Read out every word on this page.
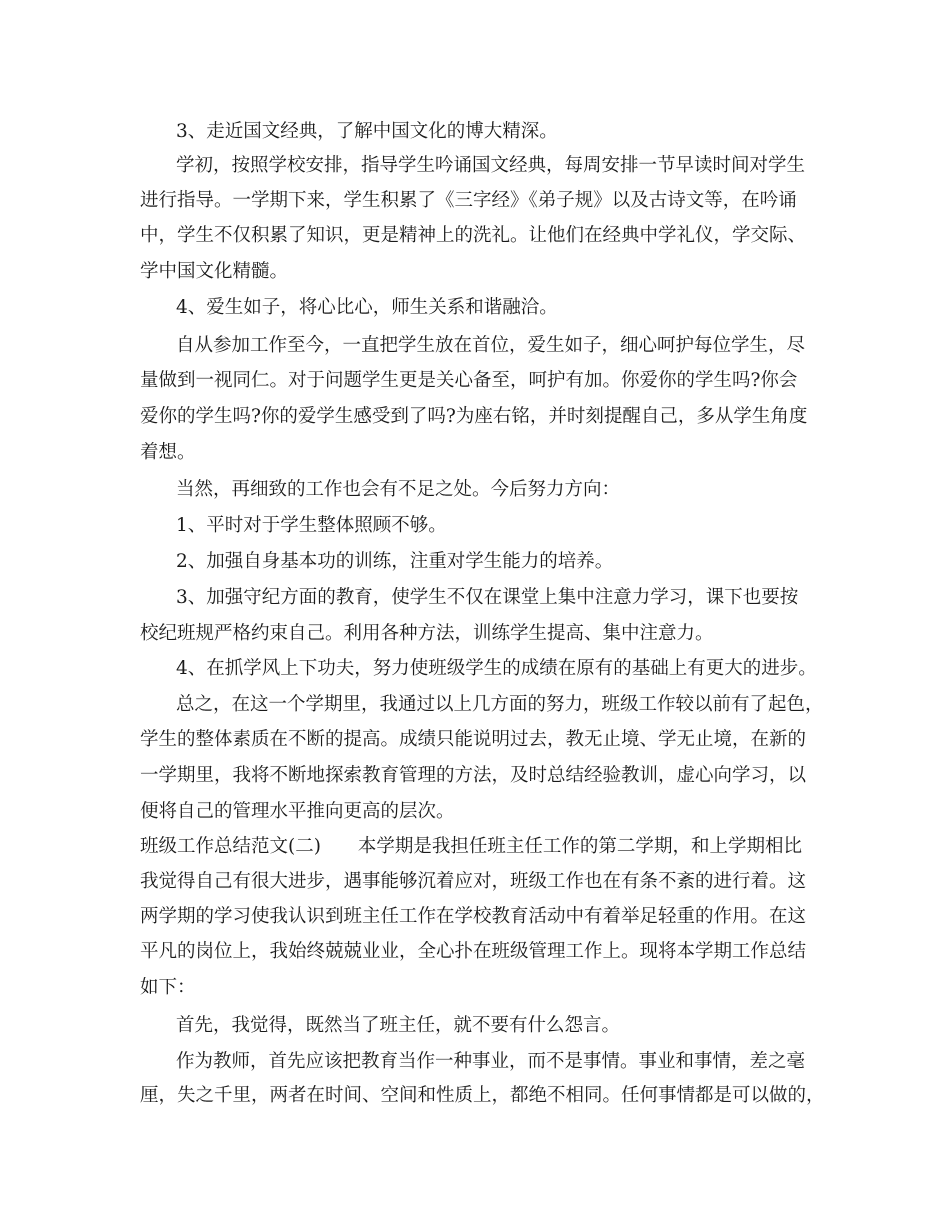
3、走近国文经典，了解中国文化的博大精深。
学初，按照学校安排，指导学生吟诵国文经典，每周安排一节早读时间对学生
进行指导。一学期下来，学生积累了《三字经》《弟子规》以及古诗文等，在吟诵
中，学生不仅积累了知识，更是精神上的洗礼。让他们在经典中学礼仪，学交际、
学中国文化精髓。
4、爱生如子，将心比心，师生关系和谐融洽。
自从参加工作至今，一直把学生放在首位，爱生如子，细心呵护每位学生，尽
量做到一视同仁。对于问题学生更是关心备至，呵护有加。你爱你的学生吗?你会
爱你的学生吗?你的爱学生感受到了吗?为座右铭，并时刻提醒自己，多从学生角度
着想。
当然，再细致的工作也会有不足之处。今后努力方向：
1、平时对于学生整体照顾不够。
2、加强自身基本功的训练，注重对学生能力的培养。
3、加强守纪方面的教育，使学生不仅在课堂上集中注意力学习，课下也要按
校纪班规严格约束自己。利用各种方法，训练学生提高、集中注意力。
4、在抓学风上下功夫，努力使班级学生的成绩在原有的基础上有更大的进步。
总之，在这一个学期里，我通过以上几方面的努力，班级工作较以前有了起色，
学生的整体素质在不断的提高。成绩只能说明过去，教无止境、学无止境，在新的
一学期里，我将不断地探索教育管理的方法，及时总结经验教训，虚心向学习，以
便将自己的管理水平推向更高的层次。
班级工作总结范文(二)　　本学期是我担任班主任工作的第二学期，和上学期相比
我觉得自己有很大进步，遇事能够沉着应对，班级工作也在有条不紊的进行着。这
两学期的学习使我认识到班主任工作在学校教育活动中有着举足轻重的作用。在这
平凡的岗位上，我始终兢兢业业，全心扑在班级管理工作上。现将本学期工作总结
如下：
首先，我觉得，既然当了班主任，就不要有什么怨言。
作为教师，首先应该把教育当作一种事业，而不是事情。事业和事情，差之毫
厘，失之千里，两者在时间、空间和性质上，都绝不相同。任何事情都是可以做的，
